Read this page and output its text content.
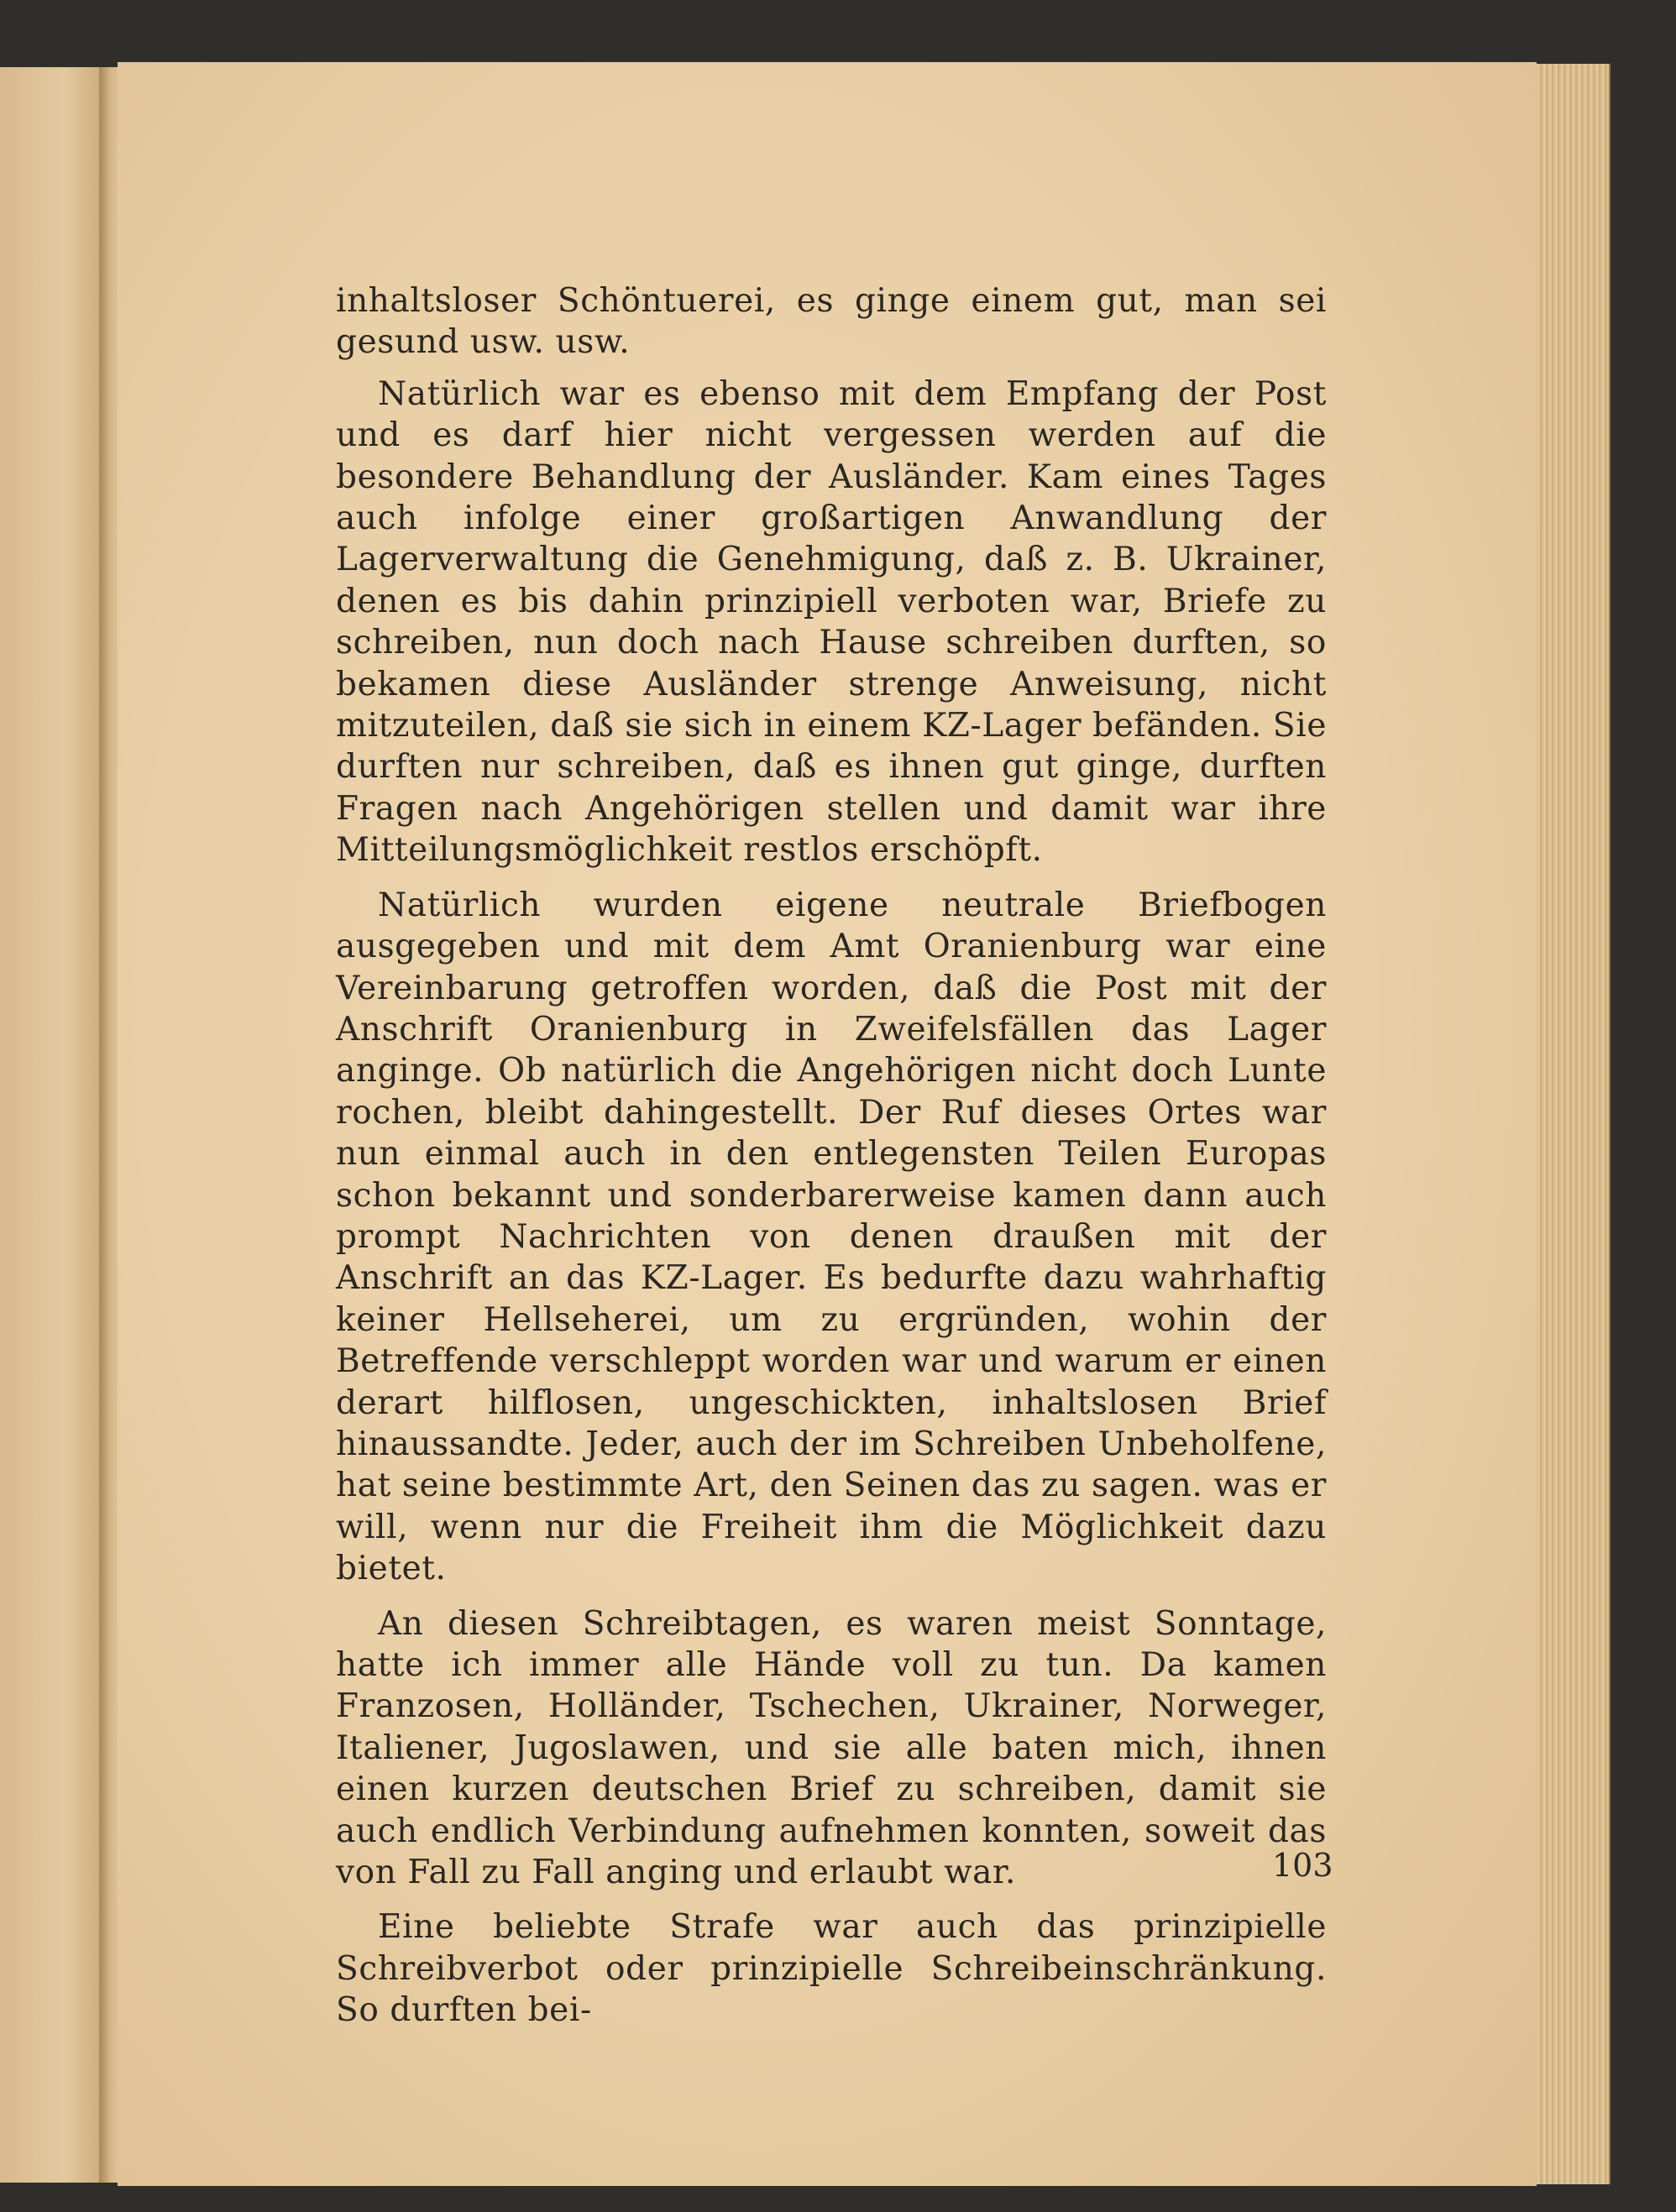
inhaltsloser Schöntuerei, es ginge einem gut, man sei gesund usw. usw.

Natürlich war es ebenso mit dem Empfang der Post und es darf hier nicht vergessen werden auf die besondere Behandlung der Ausländer. Kam eines Tages auch infolge einer großartigen Anwandlung der Lagerverwaltung die Genehmigung, daß z. B. Ukrainer, denen es bis dahin prinzipiell verboten war, Briefe zu schreiben, nun doch nach Hause schreiben durften, so bekamen diese Ausländer strenge Anweisung, nicht mitzuteilen, daß sie sich in einem KZ-Lager befänden. Sie durften nur schreiben, daß es ihnen gut ginge, durften Fragen nach Angehörigen stellen und damit war ihre Mitteilungsmöglichkeit restlos erschöpft.

Natürlich wurden eigene neutrale Briefbogen ausgegeben und mit dem Amt Oranienburg war eine Vereinbarung getroffen worden, daß die Post mit der Anschrift Oranienburg in Zweifelsfällen das Lager anginge. Ob natürlich die Angehörigen nicht doch Lunte rochen, bleibt dahingestellt. Der Ruf dieses Ortes war nun einmal auch in den entlegensten Teilen Europas schon bekannt und sonderbarerweise kamen dann auch prompt Nachrichten von denen draußen mit der Anschrift an das KZ-Lager. Es bedurfte dazu wahrhaftig keiner Hellseherei, um zu ergründen, wohin der Betreffende verschleppt worden war und warum er einen derart hilflosen, ungeschickten, inhaltslosen Brief hinaussandte. Jeder, auch der im Schreiben Unbeholfene, hat seine bestimmte Art, den Seinen das zu sagen. was er will, wenn nur die Freiheit ihm die Möglichkeit dazu bietet.

An diesen Schreibtagen, es waren meist Sonntage, hatte ich immer alle Hände voll zu tun. Da kamen Franzosen, Holländer, Tschechen, Ukrainer, Norweger, Italiener, Jugoslawen, und sie alle baten mich, ihnen einen kurzen deutschen Brief zu schreiben, damit sie auch endlich Verbindung aufnehmen konnten, soweit das von Fall zu Fall anging und erlaubt war.

Eine beliebte Strafe war auch das prinzipielle Schreibverbot oder prinzipielle Schreibeinschränkung. So durften bei-

103
